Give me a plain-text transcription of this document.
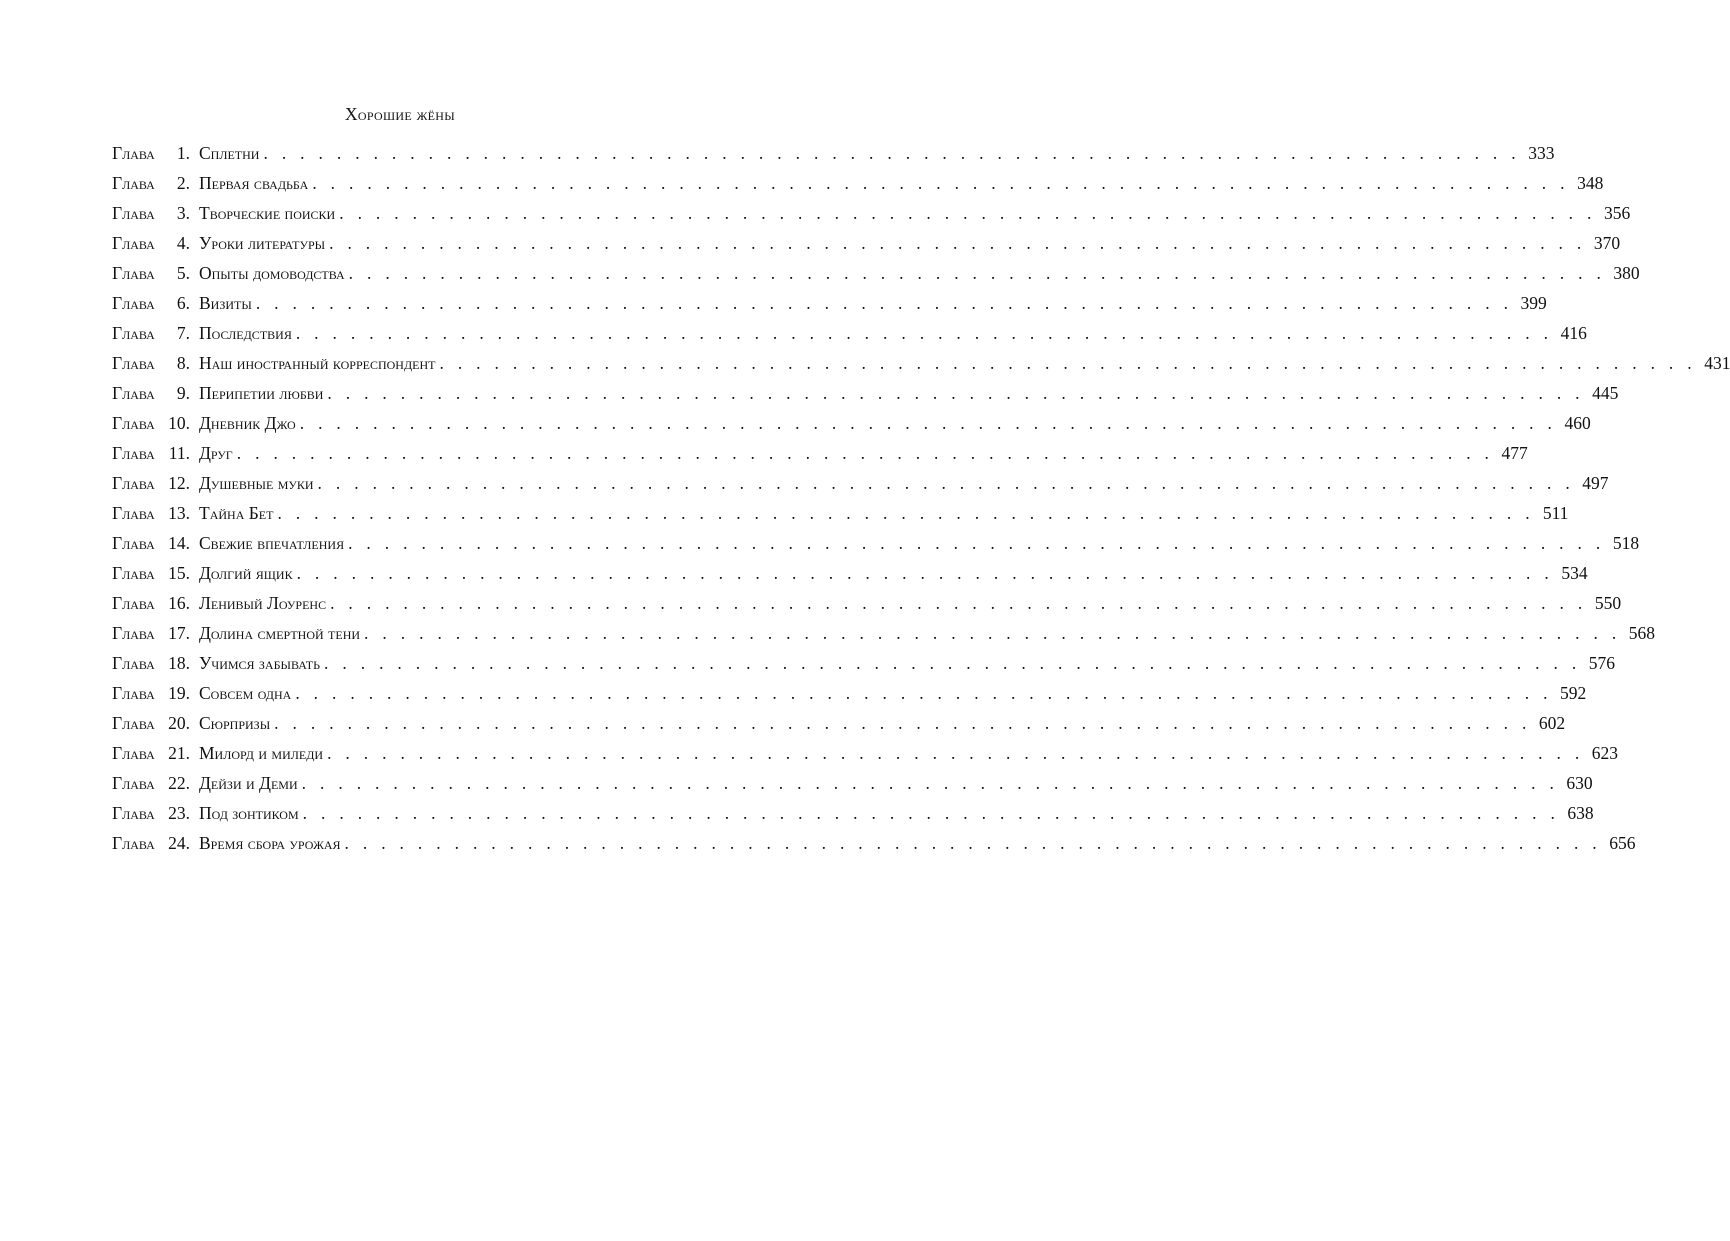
Хорошие жёны
Глава	1. Сплетни . . . . . . . . . . . . . . . . . . . . . . . . . . . . . . . . . . . . . . . . . . . . . . . . . . . . . . . . . . . . . . . . . . . . . 333
Глава	2. Первая свадьба . . . . . . . . . . . . . . . . . . . . . . . . . . . . . . . . . . . . . . . . . . . . . . . . . . . . . . . . . . . . . . . . . . . . . 348
Глава	3. Творческие поиски . . . . . . . . . . . . . . . . . . . . . . . . . . . . . . . . . . . . . . . . . . . . . . . . . . . . . . . . . . . . . . . . . . . . . 356
Глава	4. Уроки литературы . . . . . . . . . . . . . . . . . . . . . . . . . . . . . . . . . . . . . . . . . . . . . . . . . . . . . . . . . . . . . . . . . . . . . 370
Глава	5. Опыты домоводства . . . . . . . . . . . . . . . . . . . . . . . . . . . . . . . . . . . . . . . . . . . . . . . . . . . . . . . . . . . . . . . . . . . . . 380
Глава	6. Визиты . . . . . . . . . . . . . . . . . . . . . . . . . . . . . . . . . . . . . . . . . . . . . . . . . . . . . . . . . . . . . . . . . . . . . 399
Глава	7. Последствия . . . . . . . . . . . . . . . . . . . . . . . . . . . . . . . . . . . . . . . . . . . . . . . . . . . . . . . . . . . . . . . . . . . . . 416
Глава	8. Наш иностранный корреспондент . . . . . . . . . . . . . . . . . . . . . . . . . . . . . . . . . . . . . . . . . . . . . . . . . . . . . . . . . . . . . . . . . . . . . 431
Глава	9. Перипетии любви . . . . . . . . . . . . . . . . . . . . . . . . . . . . . . . . . . . . . . . . . . . . . . . . . . . . . . . . . . . . . . . . . . . . . 445
Глава 10. Дневник Джо . . . . . . . . . . . . . . . . . . . . . . . . . . . . . . . . . . . . . . . . . . . . . . . . . . . . . . . . . . . . . . . . . . . . . 460
Глава 11. Друг . . . . . . . . . . . . . . . . . . . . . . . . . . . . . . . . . . . . . . . . . . . . . . . . . . . . . . . . . . . . . . . . . . . . . 477
Глава 12. Душевные муки . . . . . . . . . . . . . . . . . . . . . . . . . . . . . . . . . . . . . . . . . . . . . . . . . . . . . . . . . . . . . . . . . . . . . 497
Глава 13. Тайна Бет . . . . . . . . . . . . . . . . . . . . . . . . . . . . . . . . . . . . . . . . . . . . . . . . . . . . . . . . . . . . . . . . . . . . . 511
Глава 14. Свежие впечатления . . . . . . . . . . . . . . . . . . . . . . . . . . . . . . . . . . . . . . . . . . . . . . . . . . . . . . . . . . . . . . . . . . . . . 518
Глава 15. Долгий ящик . . . . . . . . . . . . . . . . . . . . . . . . . . . . . . . . . . . . . . . . . . . . . . . . . . . . . . . . . . . . . . . . . . . . . 534
Глава 16. Ленивый Лоуренс . . . . . . . . . . . . . . . . . . . . . . . . . . . . . . . . . . . . . . . . . . . . . . . . . . . . . . . . . . . . . . . . . . . . . 550
Глава 17. Долина смертной тени . . . . . . . . . . . . . . . . . . . . . . . . . . . . . . . . . . . . . . . . . . . . . . . . . . . . . . . . . . . . . . . . . . . . . 568
Глава 18. Учимся забывать . . . . . . . . . . . . . . . . . . . . . . . . . . . . . . . . . . . . . . . . . . . . . . . . . . . . . . . . . . . . . . . . . . . . . 576
Глава 19. Совсем одна . . . . . . . . . . . . . . . . . . . . . . . . . . . . . . . . . . . . . . . . . . . . . . . . . . . . . . . . . . . . . . . . . . . . . 592
Глава 20. Сюрпризы . . . . . . . . . . . . . . . . . . . . . . . . . . . . . . . . . . . . . . . . . . . . . . . . . . . . . . . . . . . . . . . . . . . . . 602
Глава 21. Милорд и миледи . . . . . . . . . . . . . . . . . . . . . . . . . . . . . . . . . . . . . . . . . . . . . . . . . . . . . . . . . . . . . . . . . . . . . 623
Глава 22. Дейзи и Деми . . . . . . . . . . . . . . . . . . . . . . . . . . . . . . . . . . . . . . . . . . . . . . . . . . . . . . . . . . . . . . . . . . . . . 630
Глава 23. Под зонтиком . . . . . . . . . . . . . . . . . . . . . . . . . . . . . . . . . . . . . . . . . . . . . . . . . . . . . . . . . . . . . . . . . . . . . 638
Глава 24. Время сбора урожая . . . . . . . . . . . . . . . . . . . . . . . . . . . . . . . . . . . . . . . . . . . . . . . . . . . . . . . . . . . . . . . . . . . . . 656
